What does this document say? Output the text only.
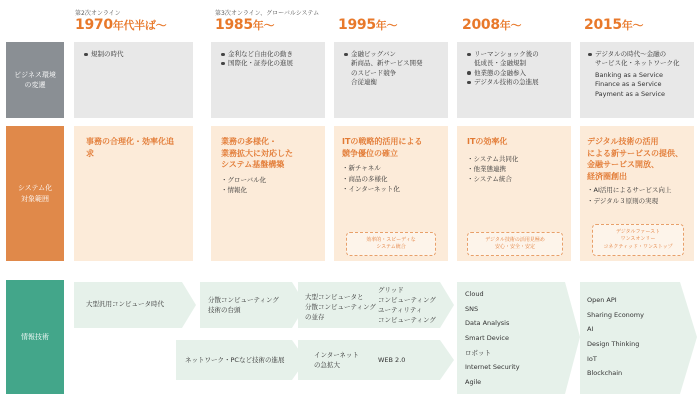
第2次オンライン
1970年代半ば〜
第3次オンライン、グローバルシステム
1985年〜	1995年〜	2008年〜	2015年〜
ビジネス環境
の変遷
システム化
対象範囲
情報技術
規制の時代	金利など自由化の動き
国際化・証券化の進展
金融ビッグバン
新商品、新サービス開発
のスピード競争
合従連衡
リーマンショック後の
低成長・金融規制
他業態の金融参入
デジタル技術の急進展
デジタルの時代〜金融の
サービス化・ネットワーク化
Banking as a Service
Finance as a Service
Payment as a Service
事務の合理化・効率化追求
業務の多様化・
業務拡大に対応した
システム基盤構築
・グローバル化
・情報化
ITの戦略的活用による
競争優位の確立
・新チャネル
・商品の多様化
・インターネット化
効率的・スピーディな
システム統合
ITの効率化
・システム共同化
・他業態連携
・システム統合
デジタル技術の活用見極め
安心・安全・安定
デジタル技術の活用
による新サービスの提供、
金融サービス開放、
経済圏創出
・AI活用によるサービス向上
・デジタル３原則の実現
デジタルファースト
ワンスオンリー
コネクティッド・ワンストップ
大型汎用コンピュータ時代	分散コンピューティング
技術の台頭
大型コンピュータと
分散コンピューティング
の並存
グリッド
コンピューティング
ユーティリティ
コンピューティング
ネットワーク・PCなど技術の進展
インターネット
の急拡大
WEB 2.0
Cloud
SNS
Data Analysis
Smart Device
ロボット
Internet Security
Agile
Open API
Sharing Economy
AI
Design Thinking
IoT
Blockchain
